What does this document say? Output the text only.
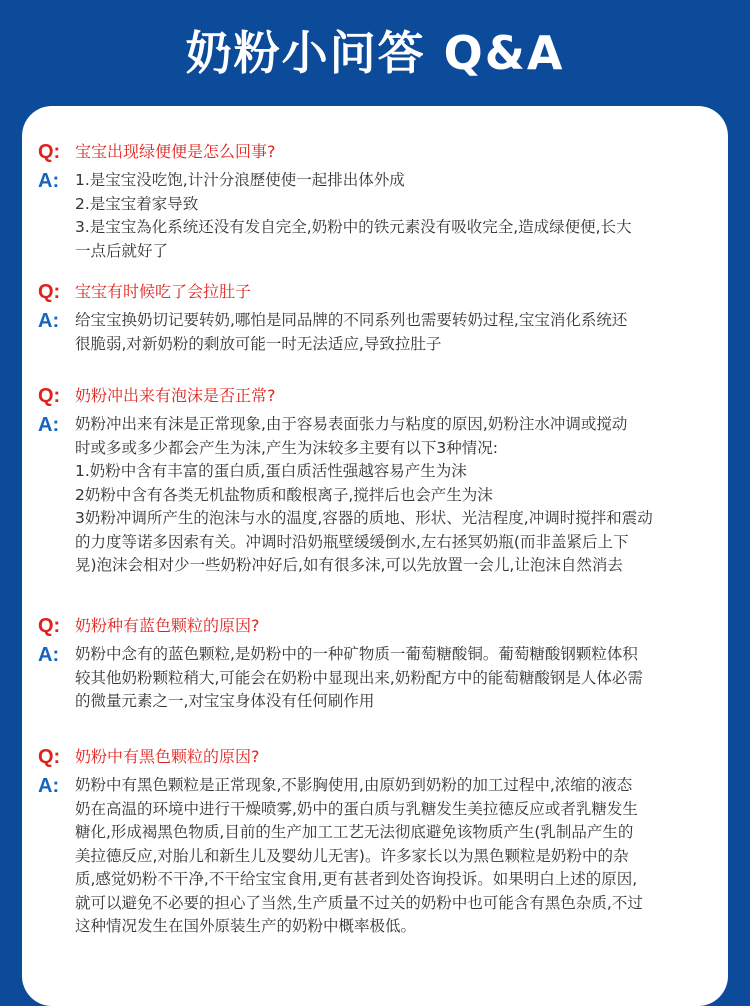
奶粉小问答 Q&A
Q: 宝宝出现绿便便是怎么回事?
A:	1.是宝宝没吃饱,计汁分浪歷使使一起排出体外成
2.是宝宝着家导致
3.是宝宝為化系统还没有发自完全,奶粉中的铁元素没有吸收完全,造成绿便便,长大
一点后就好了
Q: 宝宝有时候吃了会拉肚子
A:	给宝宝换奶切记要转奶,哪怕是同品牌的不同系列也需要转奶过程,宝宝消化系统还
很脆弱,对新奶粉的剩放可能一时无法适应,导致拉肚子
Q: 奶粉冲出来有泡沫是否正常?
A:	奶粉冲出来有沫是正常现象,由于容易表面张力与粘度的原因,奶粉注水冲调或搅动
时或多或多少都会产生为沫,产生为沫较多主要有以下3种情况:
1.奶粉中含有丰富的蛋白质,蛋白质活性强越容易产生为沫
2奶粉中含有各类无机盐物质和酸根离子,搅拌后也会产生为沫
3奶粉冲调所产生的泡沫与水的温度,容器的质地、形状、光洁程度,冲调时搅拌和震动
的力度等诺多因索有关。冲调时沿奶瓶壁缓缓倒水,左右拯冥奶瓶(而非盖紧后上下
晃)泡沫会相对少一些奶粉冲好后,如有很多沫,可以先放置一会儿,让泡沫自然消去
Q: 奶粉种有蓝色颗粒的原因?
A:	奶粉中念有的蓝色颗粒,是奶粉中的一种矿物质一葡萄糖酸铜。葡萄糖酸钢颗粒体积
较其他奶粉颗粒稍大,可能会在奶粉中显现出来,奶粉配方中的能萄糖酸钢是人体必需
的微量元素之一,对宝宝身体没有任何刷作用
Q: 奶粉中有黑色颗粒的原因?
A:	奶粉中有黑色颗粒是正常现象,不影胸使用,由原奶到奶粉的加工过程中,浓缩的液态
奶在高温的环境中进行干燥喷雾,奶中的蛋白质与乳糖发生美拉德反应或者乳糖发生
糖化,形成褐黑色物质,目前的生产加工工艺无法彻底避免该物质产生(乳制品产生的
美拉德反应,对胎儿和新生儿及婴幼儿无害)。许多家长以为黑色颗粒是奶粉中的杂
质,感觉奶粉不干净,不干给宝宝食用,更有甚者到处咨询投诉。如果明白上述的原因,
就可以避免不必要的担心了当然,生产质量不过关的奶粉中也可能含有黑色杂质,不过
这种情况发生在国外原装生产的奶粉中概率极低。
